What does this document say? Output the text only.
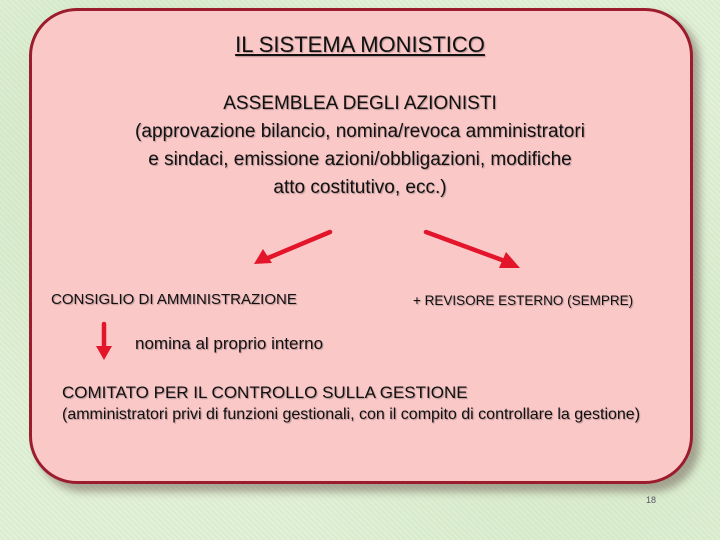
IL SISTEMA MONISTICO

ASSEMBLEA DEGLI AZIONISTI
(approvazione bilancio, nomina/revoca amministratori
e sindaci, emissione azioni/obbligazioni, modifiche
atto costitutivo, ecc.)

CONSIGLIO DI AMMINISTRAZIONE	+ REVISORE ESTERNO (SEMPRE)

nomina al proprio interno

COMITATO PER IL CONTROLLO SULLA GESTIONE
(amministratori privi di funzioni gestionali, con il compito di controllare la gestione)

18
